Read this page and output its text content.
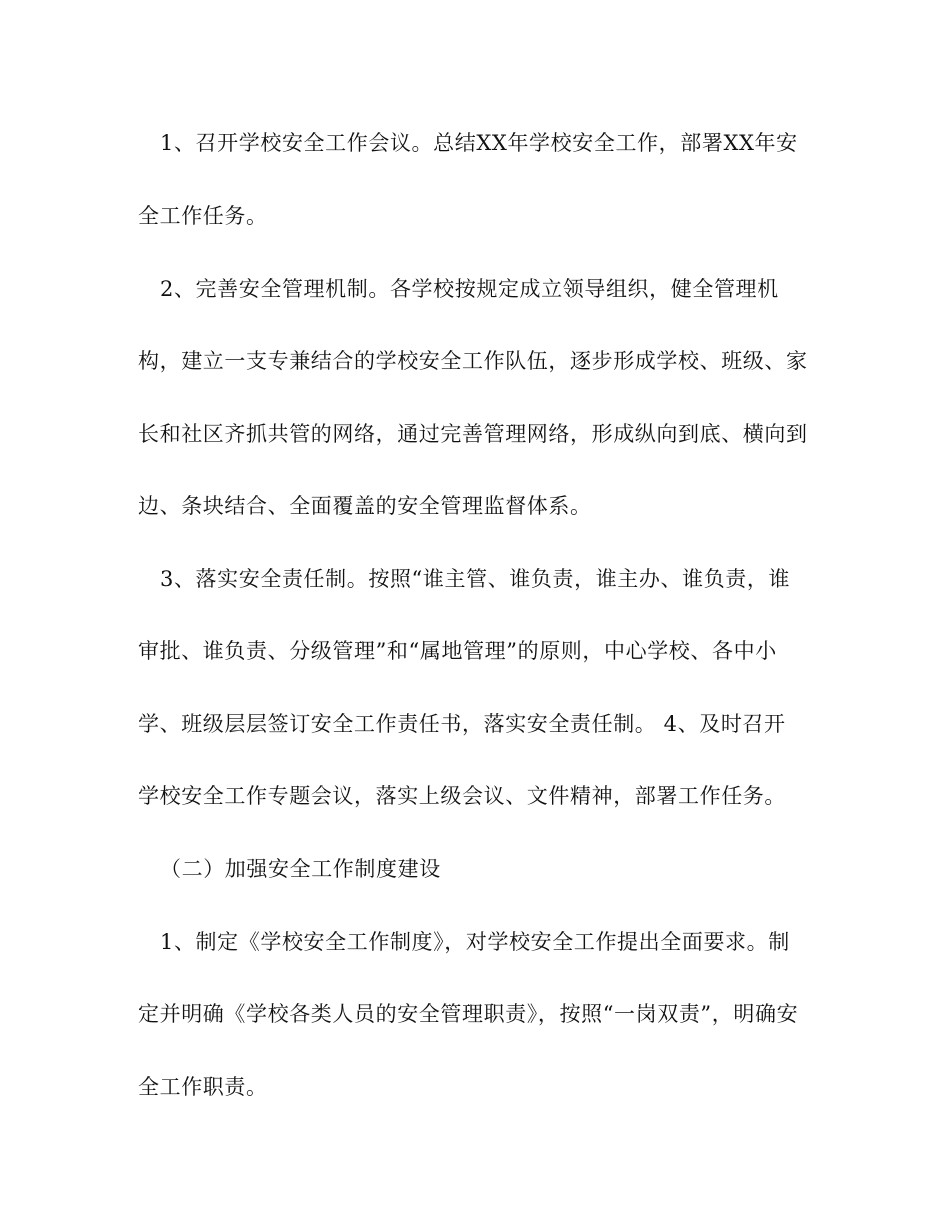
1、召开学校安全工作会议。总结XX年学校安全工作，部署XX年安
全工作任务。
2、完善安全管理机制。各学校按规定成立领导组织，健全管理机
构，建立一支专兼结合的学校安全工作队伍，逐步形成学校、班级、家
长和社区齐抓共管的网络，通过完善管理网络，形成纵向到底、横向到
边、条块结合、全面覆盖的安全管理监督体系。
3、落实安全责任制。按照“谁主管、谁负责，谁主办、谁负责，谁
审批、谁负责、分级管理”和“属地管理”的原则，中心学校、各中小
学、班级层层签订安全工作责任书，落实安全责任制。 4、及时召开
学校安全工作专题会议，落实上级会议、文件精神，部署工作任务。
（二）加强安全工作制度建设
1、制定《学校安全工作制度》，对学校安全工作提出全面要求。制
定并明确《学校各类人员的安全管理职责》，按照“一岗双责”，明确安
全工作职责。
